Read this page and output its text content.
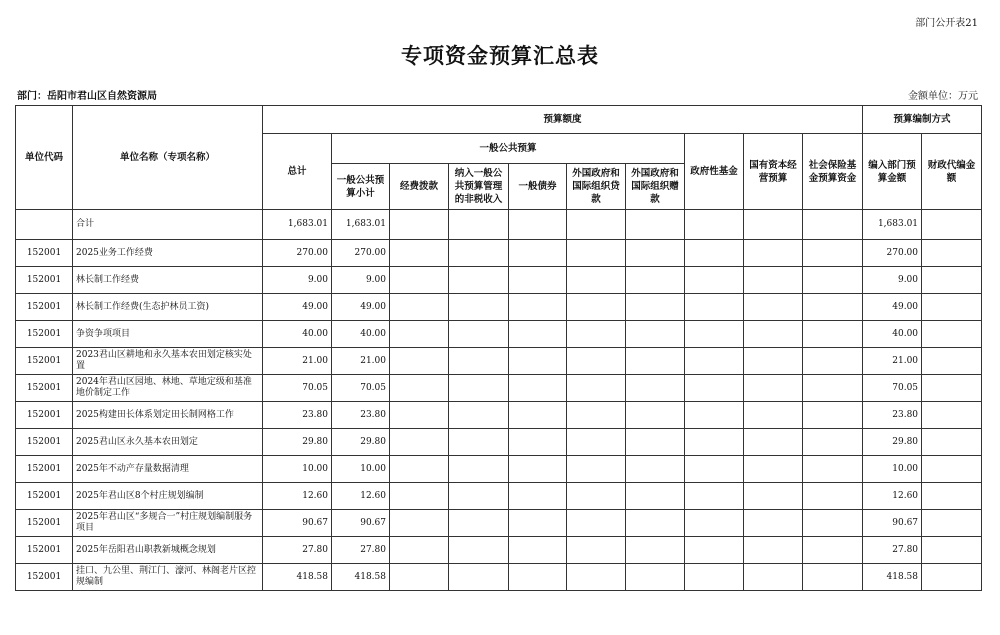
部门公开表21
专项资金预算汇总表
部门：岳阳市君山区自然资源局	金额单位：万元
单位代码	单位名称（专项名称）	预算额度										预算编制方式	
		总计	一般公共预算						政府性基金	国有资本经营预算	社会保险基金预算资金	编入部门预算金额	财政代编金额
			一般公共预算小计	经费拨款	纳入一般公共预算管理的非税收入	一般债券	外国政府和国际组织贷款	外国政府和国际组织赠款					
	合计	1,683.01	1,683.01									1,683.01	
152001	2025业务工作经费	270.00	270.00									270.00	
152001	林长制工作经费	9.00	9.00									9.00	
152001	林长制工作经费(生态护林员工资)	49.00	49.00									49.00	
152001	争资争项项目	40.00	40.00									40.00	
152001	2023君山区耕地和永久基本农田划定核实处置	21.00	21.00									21.00	
152001	2024年君山区园地、林地、草地定级和基准地价制定工作	70.05	70.05									70.05	
152001	2025构建田长体系划定田长制网格工作	23.80	23.80									23.80	
152001	2025君山区永久基本农田划定	29.80	29.80									29.80	
152001	2025年不动产存量数据清理	10.00	10.00									10.00	
152001	2025年君山区8个村庄规划编制	12.60	12.60									12.60	
152001	2025年君山区“多规合一”村庄规划编制服务项目	90.67	90.67									90.67	
152001	2025年岳阳君山职教新城概念规划	27.80	27.80									27.80	
152001	挂口、九公里、荆江门、濠河、林阁老片区控规编制	418.58	418.58									418.58	
